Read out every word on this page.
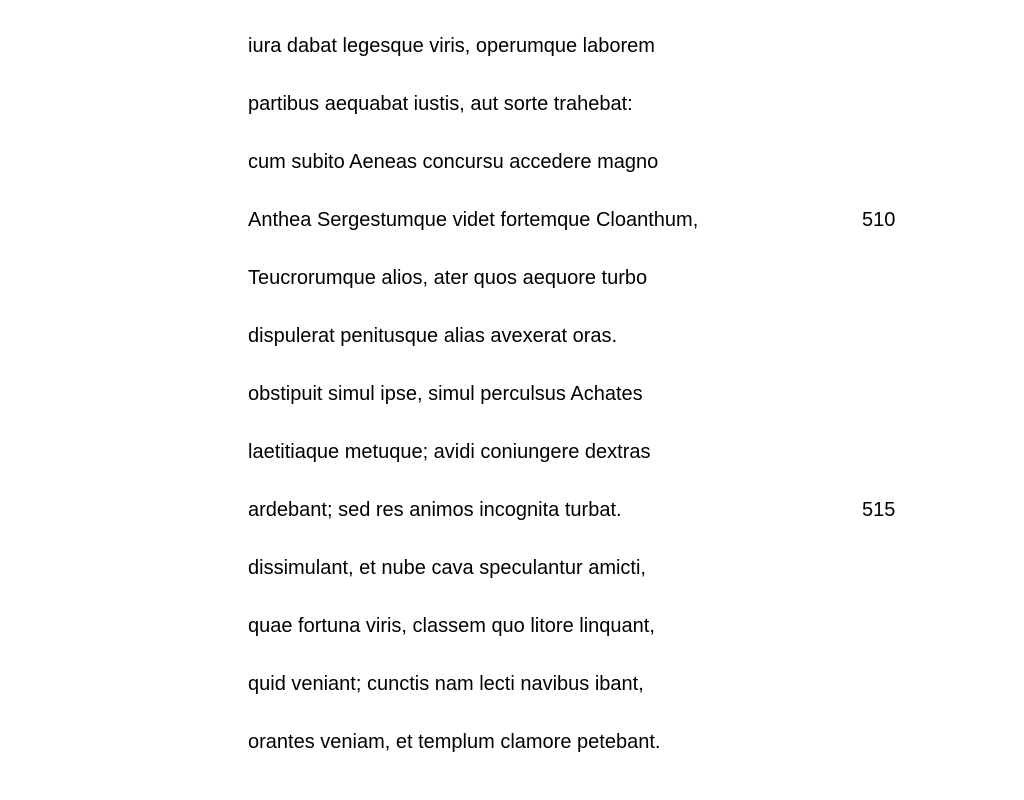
iura dabat legesque viris, operumque laborem
partibus aequabat iustis, aut sorte trahebat:
cum subito Aeneas concursu accedere magno
Anthea Sergestumque videt fortemque Cloanthum,	510
Teucrorumque alios, ater quos aequore turbo
dispulerat penitusque alias avexerat oras.
obstipuit simul ipse, simul perculsus Achates
laetitiaque metuque; avidi coniungere dextras
ardebant; sed res animos incognita turbat.	515
dissimulant, et nube cava speculantur amicti,
quae fortuna viris, classem quo litore linquant,
quid veniant; cunctis nam lecti navibus ibant,
orantes veniam, et templum clamore petebant.
